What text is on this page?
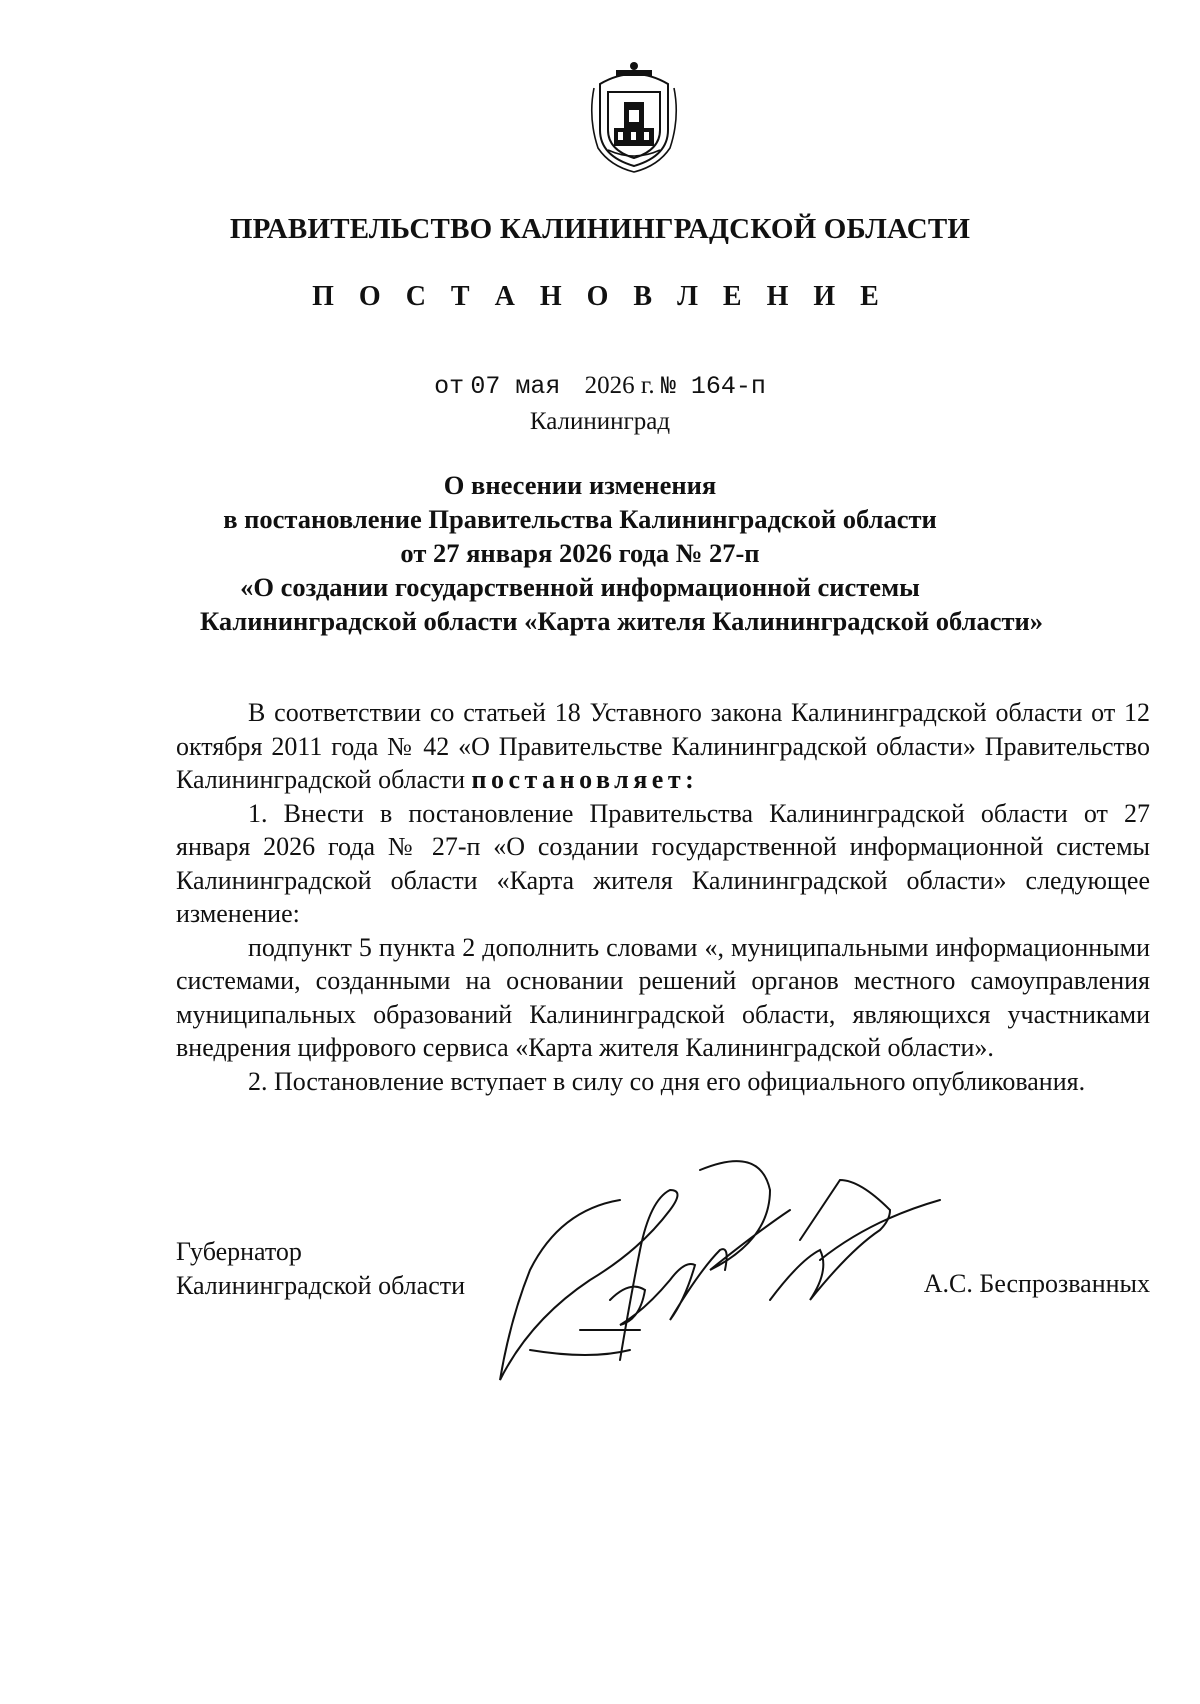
ПРАВИТЕЛЬСТВО КАЛИНИНГРАДСКОЙ ОБЛАСТИ
П О С Т А Н О В Л Е Н И Е
от 07 мая 2026 г. № 164-п
Калининград
О внесении изменения
в постановление Правительства Калининградской области
от 27 января 2026 года № 27-п
«О создании государственной информационной системы
Калининградской области «Карта жителя Калининградской области»

В соответствии со статьей 18 Уставного закона Калининградской области от 12 октября 2011 года № 42 «О Правительстве Калининградской области» Правительство Калининградской области постановляет:

1. Внести в постановление Правительства Калининградской области от 27 января 2026 года № 27-п «О создании государственной информационной системы Калининградской области «Карта жителя Калининградской области» следующее изменение:

подпункт 5 пункта 2 дополнить словами «, муниципальными информационными системами, созданными на основании решений органов местного самоуправления муниципальных образований Калининградской области, являющихся участниками внедрения цифрового сервиса «Карта жителя Калининградской области».

2. Постановление вступает в силу со дня его официального опубликования.

Губернатор
Калининградской области	А.С. Беспрозванных
